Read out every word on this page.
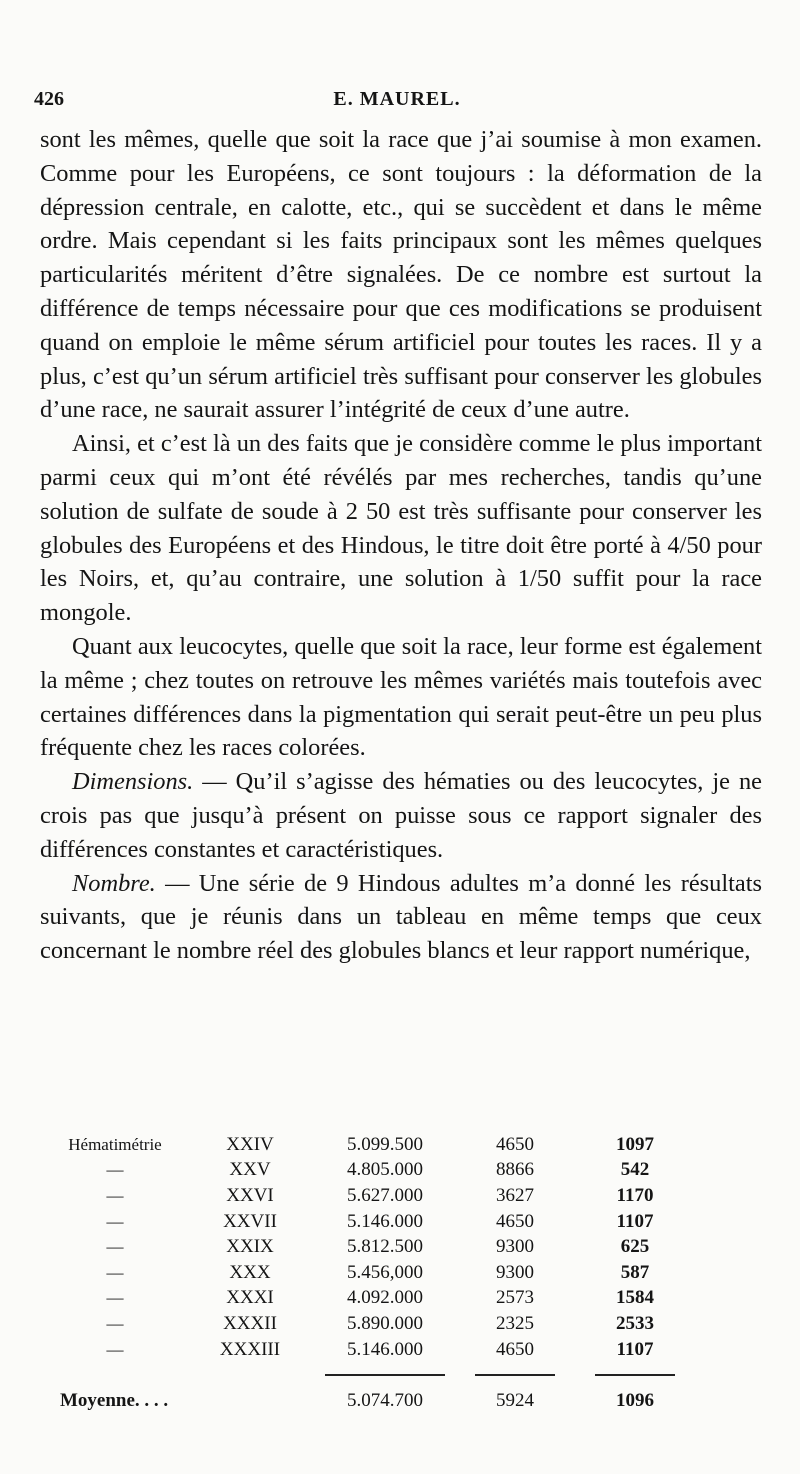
426	E. MAUREL.

sont les mêmes, quelle que soit la race que j’ai soumise à mon examen. Comme pour les Européens, ce sont toujours : la déformation de la dépression centrale, en calotte, etc., qui se succèdent et dans le même ordre. Mais cependant si les faits principaux sont les mêmes quelques particularités méritent d’être signalées. De ce nombre est surtout la différence de temps nécessaire pour que ces modifications se produisent quand on emploie le même sérum artificiel pour toutes les races. Il y a plus, c’est qu’un sérum artificiel très suffisant pour conserver les globules d’une race, ne saurait assurer l’intégrité de ceux d’une autre.

Ainsi, et c’est là un des faits que je considère comme le plus important parmi ceux qui m’ont été révélés par mes recherches, tandis qu’une solution de sulfate de soude à 2 50 est très suffisante pour conserver les globules des Européens et des Hindous, le titre doit être porté à 4/50 pour les Noirs, et, qu’au contraire, une solution à 1/50 suffit pour la race mongole.

Quant aux leucocytes, quelle que soit la race, leur forme est également la même ; chez toutes on retrouve les mêmes variétés mais toutefois avec certaines différences dans la pigmentation qui serait peut-être un peu plus fréquente chez les races colorées.

Dimensions. — Qu’il s’agisse des hématies ou des leucocytes, je ne crois pas que jusqu’à présent on puisse sous ce rapport signaler des différences constantes et caractéristiques.

Nombre. — Une série de 9 Hindous adultes m’a donné les résultats suivants, que je réunis dans un tableau en même temps que ceux concernant le nombre réel des globules blancs et leur rapport numérique,

Hématimétrie	XXIV	5.099.500	4650	1097
—	XXV	4.805.000	8866	542
—	XXVI	5.627.000	3627	1170
—	XXVII	5.146.000	4650	1107
—	XXIX	5.812.500	9300	625
—	XXX	5.456,000	9300	587
—	XXXI	4.092.000	2573	1584
—	XXXII	5.890.000	2325	2533
—	XXXIII	5.146.000	4650	1107

Moyenne. . . .		5.074.700	5924	1096
